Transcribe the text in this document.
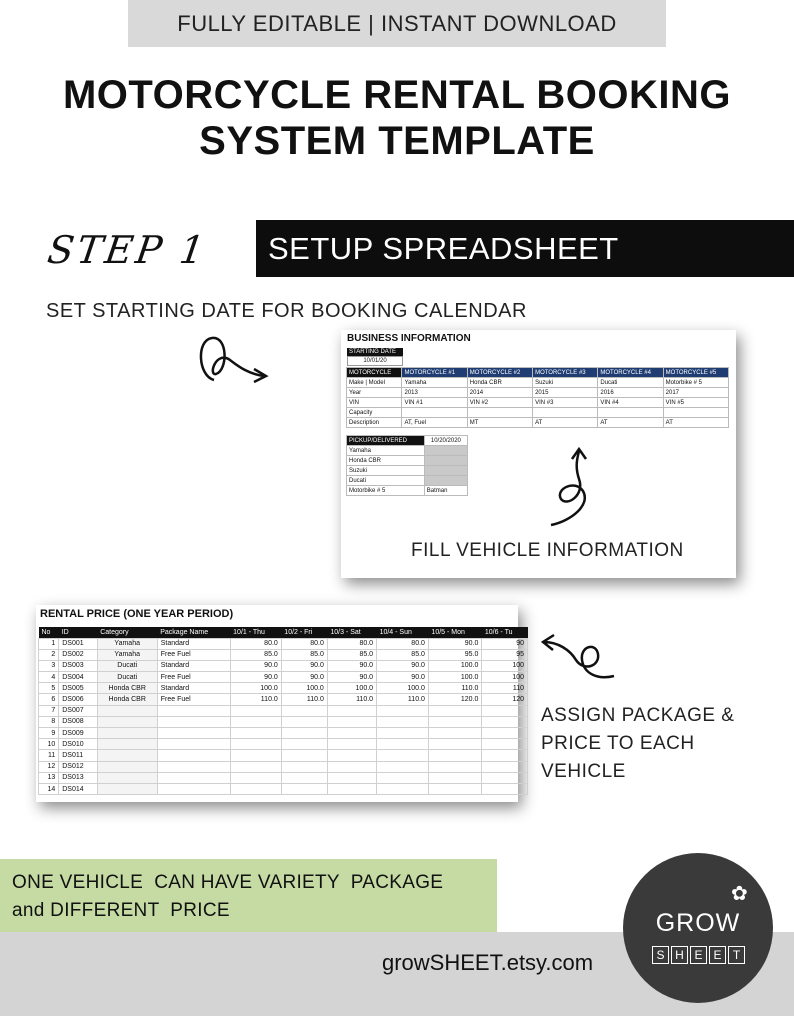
FULLY EDITABLE | INSTANT DOWNLOAD
MOTORCYCLE RENTAL BOOKING
SYSTEM TEMPLATE
STEP 1	SETUP SPREADSHEET
SET STARTING DATE FOR BOOKING CALENDAR
BUSINESS INFORMATION
STARTING DATE
10/01/20
MOTORCYCLE	MOTORCYCLE #1	MOTORCYCLE #2	MOTORCYCLE #3	MOTORCYCLE #4	MOTORCYCLE #5
Make | Model	Yamaha	Honda CBR	Suzuki	Ducati	Motorbike # 5
Year	2013	2014	2015	2016	2017
VIN	VIN #1	VIN #2	VIN #3	VIN #4	VIN #5
Capacity					
Description	AT, Fuel	MT	AT	AT	AT
PICKUP/DELIVERED	10/20/2020
Yamaha	
Honda CBR	
Suzuki	
Ducati	
Motorbike # 5	Batman
FILL VEHICLE INFORMATION
RENTAL PRICE (ONE YEAR PERIOD)
No	ID	Category	Package Name	10/1 - Thu	10/2 - Fri	10/3 - Sat	10/4 - Sun	10/5 - Mon	10/6 - Tu
1	DS001	Yamaha	Standard	80.0	80.0	80.0	80.0	90.0	90
2	DS002	Yamaha	Free Fuel	85.0	85.0	85.0	85.0	95.0	95
3	DS003	Ducati	Standard	90.0	90.0	90.0	90.0	100.0	100
4	DS004	Ducati	Free Fuel	90.0	90.0	90.0	90.0	100.0	100
5	DS005	Honda CBR	Standard	100.0	100.0	100.0	100.0	110.0	110
6	DS006	Honda CBR	Free Fuel	110.0	110.0	110.0	110.0	120.0	120
7	DS007								
8	DS008								
9	DS009								
10	DS010								
11	DS011								
12	DS012								
13	DS013								
14	DS014								
ASSIGN PACKAGE &
PRICE TO EACH
VEHICLE
ONE VEHICLE  CAN HAVE VARIETY  PACKAGE
and DIFFERENT  PRICE
growSHEET.etsy.com
✿
GROW
S H E E T
